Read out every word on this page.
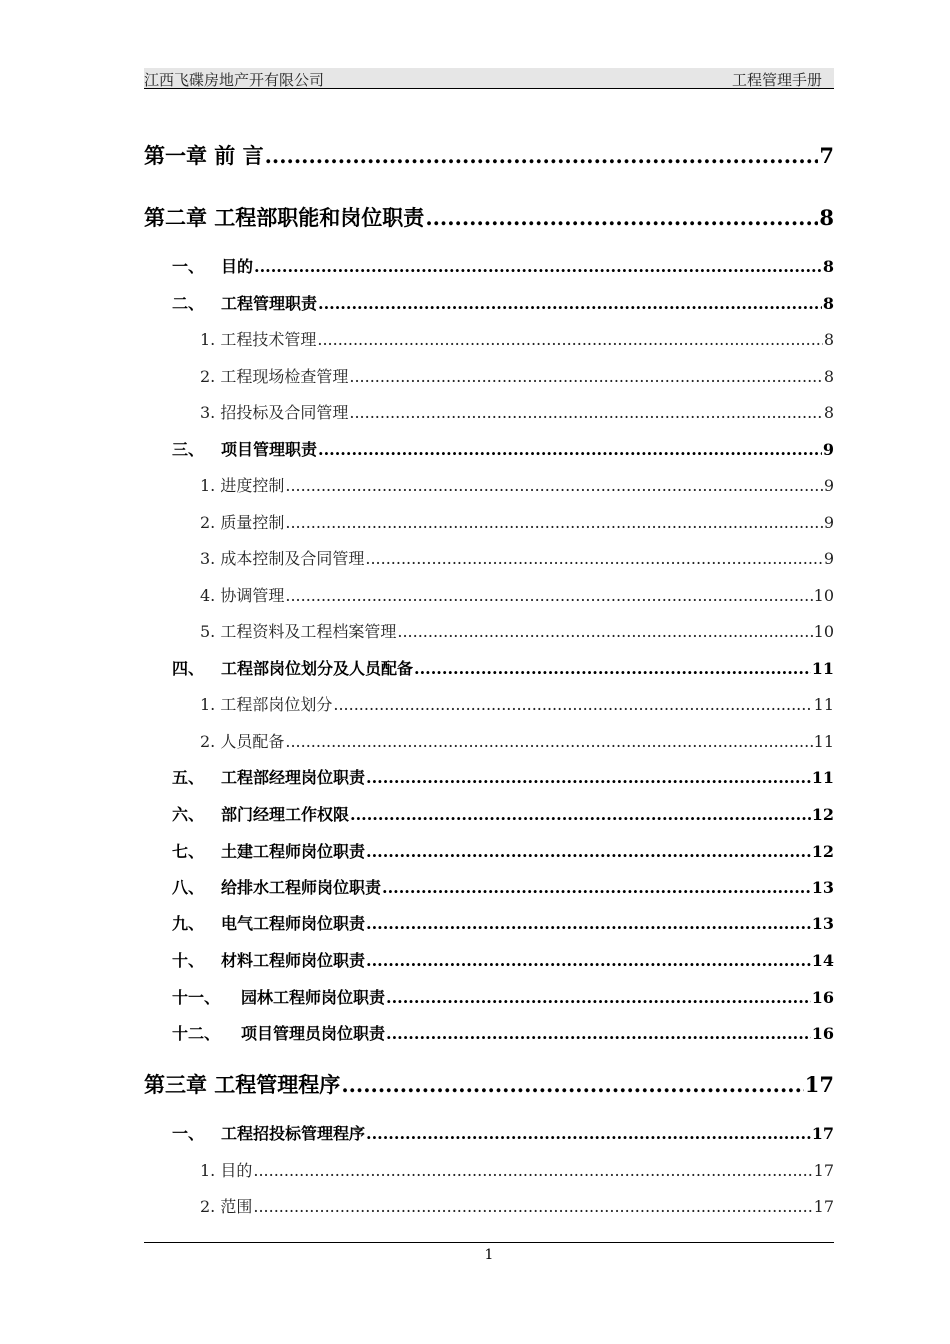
江西飞碟房地产开有限公司	工程管理手册
第一章 前 言 .....	7
第二章 工程部职能和岗位职责 .....	8
一、 目的 .....	8
二、 工程管理职责 .....	8
1. 工程技术管理 .....	8
2. 工程现场检查管理 .....	8
3. 招投标及合同管理 .....	8
三、 项目管理职责 .....	9
1. 进度控制 .....	9
2. 质量控制 .....	9
3. 成本控制及合同管理 .....	9
4. 协调管理 .....	10
5. 工程资料及工程档案管理 .....	10
四、 工程部岗位划分及人员配备 .....	11
1. 工程部岗位划分 .....	11
2. 人员配备 .....	11
五、 工程部经理岗位职责 .....	11
六、 部门经理工作权限 .....	12
七、 土建工程师岗位职责 .....	12
八、 给排水工程师岗位职责 .....	13
九、 电气工程师岗位职责 .....	13
十、 材料工程师岗位职责 .....	14
十一、 园林工程师岗位职责 .....	16
十二、 项目管理员岗位职责 .....	16
第三章 工程管理程序 .....	17
一、 工程招投标管理程序 .....	17
1. 目的 .....	17
2. 范围 .....	17
1
